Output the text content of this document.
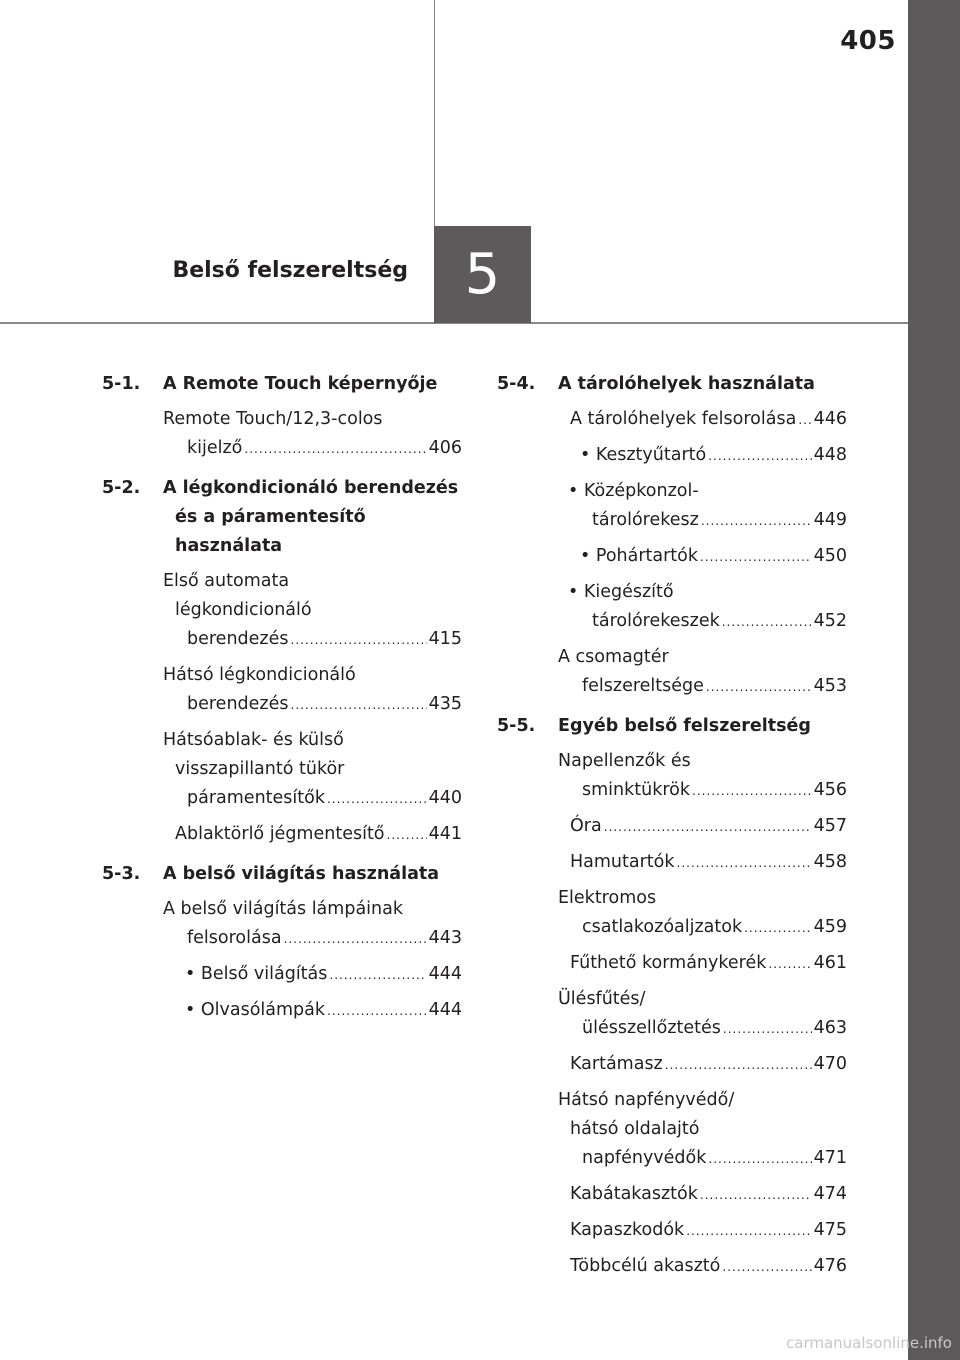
405
Belső felszereltség	5
5-1.	A Remote Touch képernyője
Remote Touch/12,3-colos
kijelző .....	406
5-2.	A légkondicionáló berendezés és a páramentesítő használata
Első automata
légkondicionáló
berendezés .....	415
Hátsó légkondicionáló
berendezés .....	435
Hátsóablak- és külső
visszapillantó tükör
páramentesítők .....	440
Ablaktörlő jégmentesítő .....	441
5-3.	A belső világítás használata
A belső világítás lámpáinak
felsorolása .....	443
• Belső világítás .....	444
• Olvasólámpák .....	444
5-4.	A tárolóhelyek használata
A tárolóhelyek felsorolása ..... 446
• Kesztyűtartó .....	448
• Középkonzol-
tárolórekesz .....	449
• Pohártartók .....	450
• Kiegészítő
tárolórekeszek .....	452
A csomagtér
felszereltsége .....	453
5-5.	Egyéb belső felszereltség
Napellenzők és
sminktükrök .....	456
Óra .....	457
Hamutartók .....	458
Elektromos
csatlakozóaljzatok .....	459
Fűthető kormánykerék .....	461
Ülésfűtés/
ülésszellőztetés .....	463
Kartámasz .....	470
Hátsó napfényvédő/
hátsó oldalajtó
napfényvédők .....	471
Kabátakasztók .....	474
Kapaszkodók .....	475
Többcélú akasztó .....	476
carmanualsonline.info
